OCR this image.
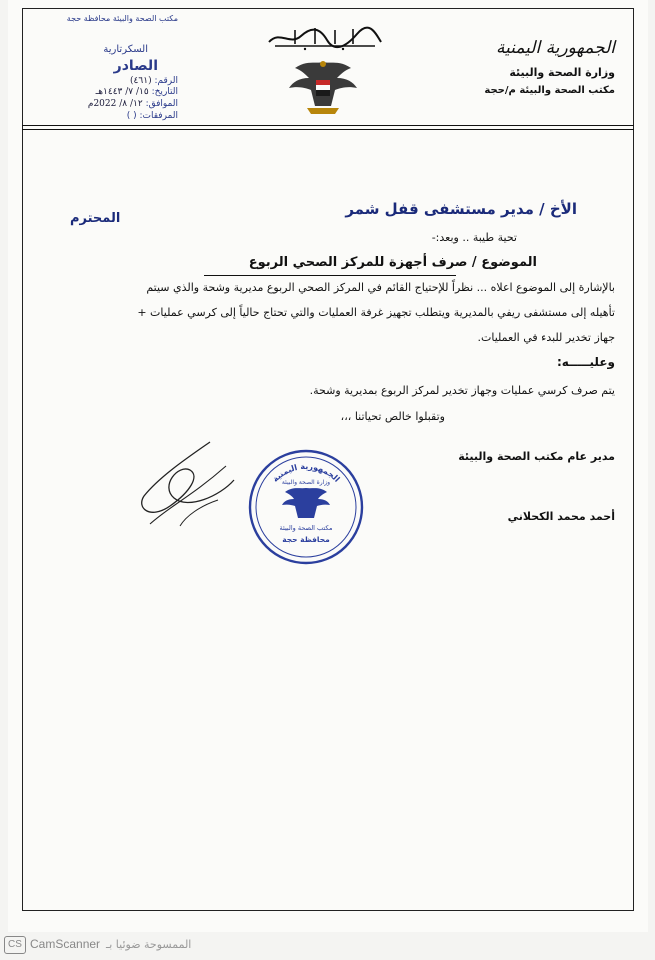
مكتب الصحة والبيئة محافظة حجة
السكرتارية
الصادر
الرقم: (٤٦١)
التاريخ: ١٥/ ٧/ ١٤٤٣هـ
الموافق: ١٢/ ٨/ 2022م
المرفقات: ( )
الجمهورية اليمنية
وزارة الصحة والبيئة
مكتب الصحة والبيئة م/حجة
الأخ / مدير مستشفى قفل شمر
المحترم
تحية طيبة .. وبعد:-
الموضوع / صرف أجهزة للمركز الصحي الربوع
بالإشارة إلى الموضوع اعلاه ... نظراً للإحتياج القائم في المركز الصحي الربوع مديرية وشحة والذي سيتم
تأهيله إلى مستشفى ريفي بالمديرية ويتطلب تجهيز غرفة العمليات والتي تحتاج حالياً إلى كرسي عمليات +
جهاز تخدير للبدء في العمليات.
وعليـــــه:
يتم صرف كرسي عمليات وجهاز تخدير لمركز الربوع بمديرية وشحة.
وتقبلوا خالص تحياتنا ،،،
مدير عام مكتب الصحة والبيئة
أحمد محمد الكحلاني
الجمهورية اليمنية
وزارة الصحة والبيئة
مكتب الصحة والبيئة
محافظة حجة
CS CamScanner الممسوحة ضوئيا بـ
